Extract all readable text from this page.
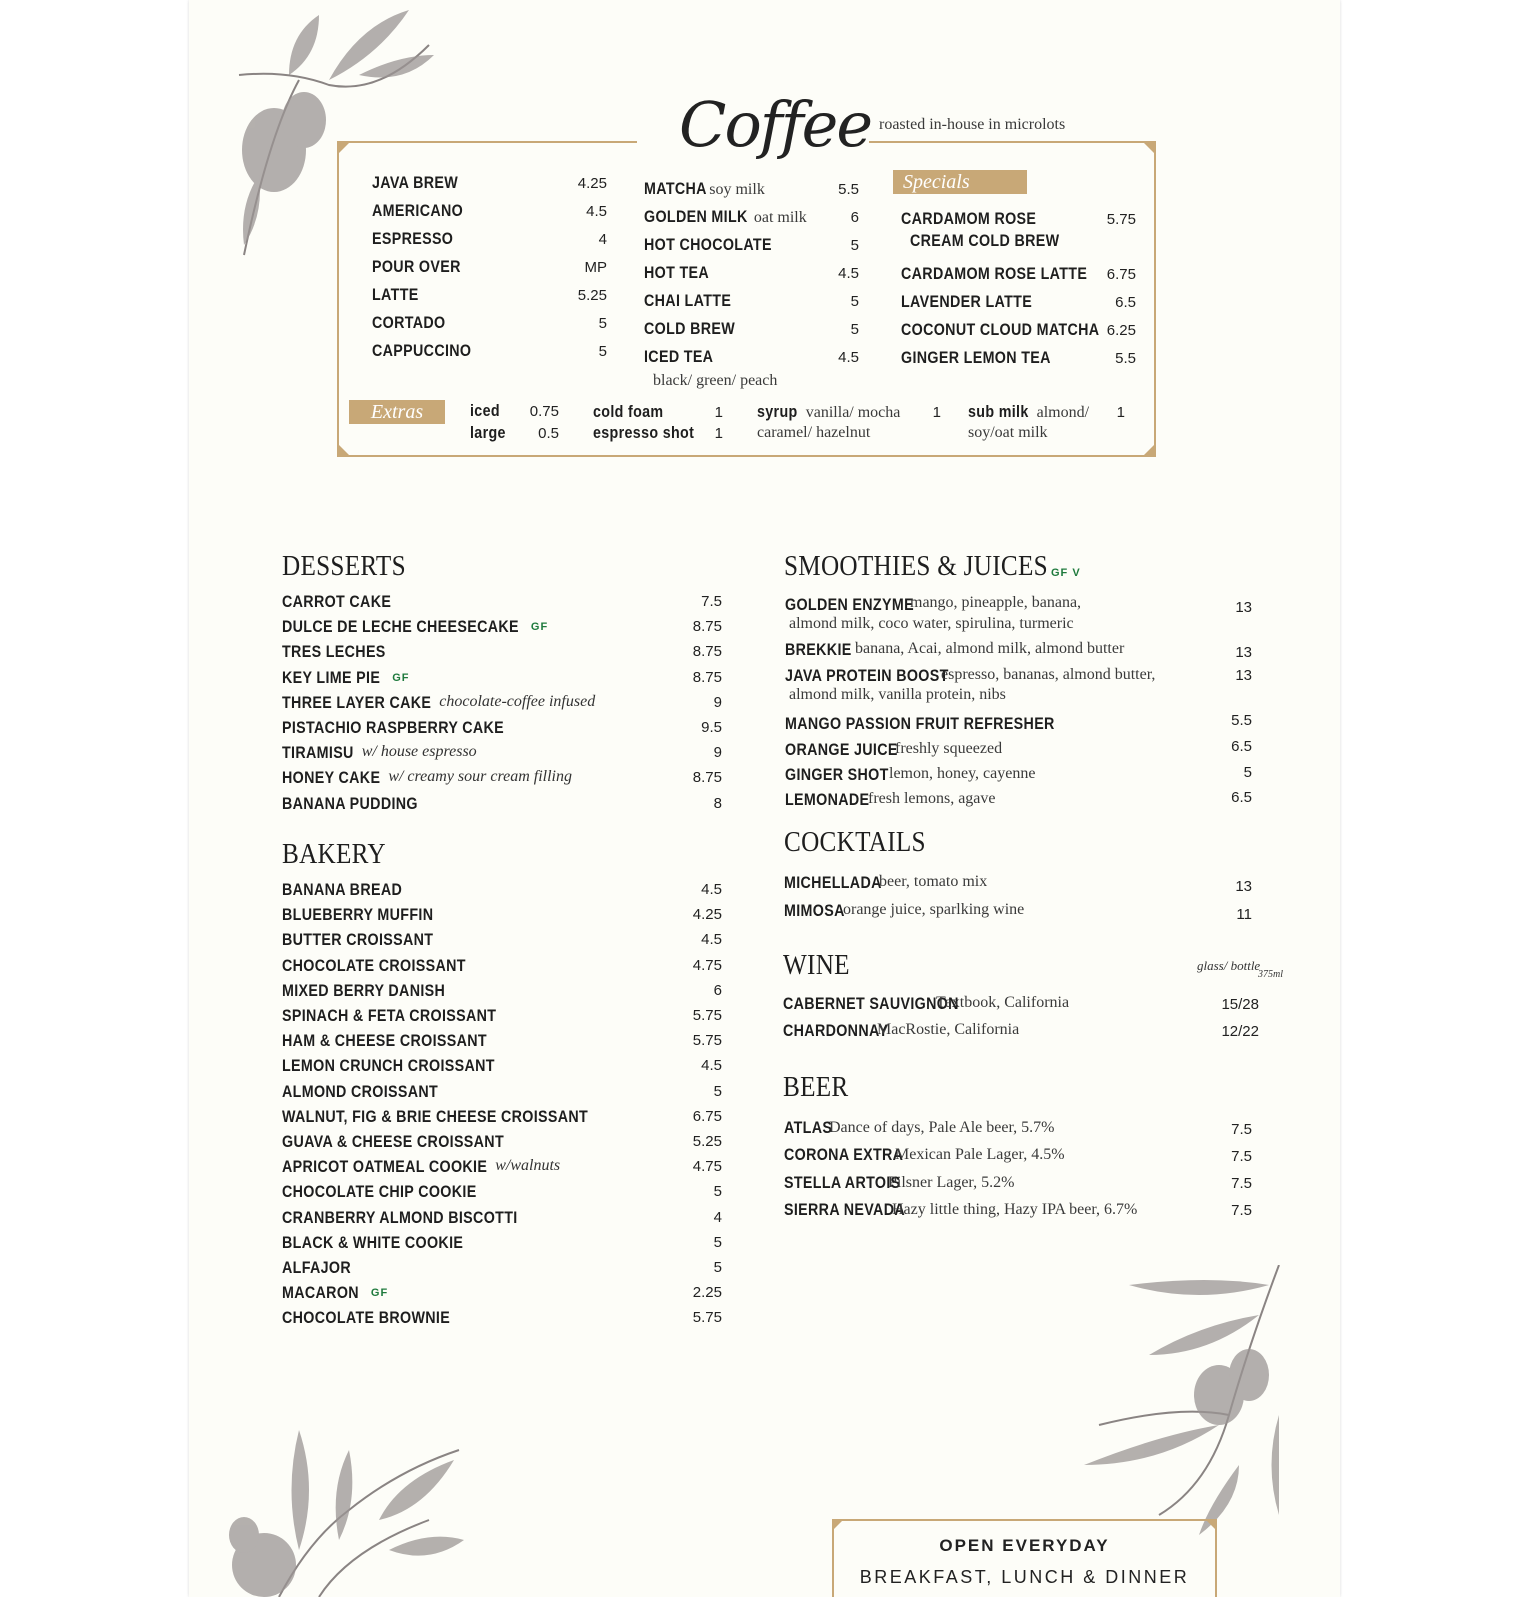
Coffee roasted in-house in microlots
JAVA BREW	4.25
AMERICANO	4.5
ESPRESSO	4
POUR OVER	MP
LATTE	5.25
CORTADO	5
CAPPUCCINO	5
MATCHA soy milk	5.5
GOLDEN MILK oat milk	6
HOT CHOCOLATE	5
HOT TEA	4.5
CHAI LATTE	5
COLD BREW	5
ICED TEA	4.5
black/ green/ peach
Specials
CARDAMOM ROSE
CREAM COLD BREW
5.75
CARDAMOM ROSE LATTE	6.75
LAVENDER LATTE	6.5
COCONUT CLOUD MATCHA 6.25
GINGER LEMON TEA	5.5
Extras	iced	0.75
large	0.5
cold foam	1
espresso shot	1
syrup vanilla/ mocha	1
caramel/ hazelnut
sub milk almond/	1
soy/oat milk
DESSERTS
CARROT CAKE	7.5
DULCE DE LECHE CHEESECAKE	8.75
GF
TRES LECHES	8.75
KEY LIME PIE	8.75
GF
THREE LAYER CAKE	9
chocolate-coffee infused
PISTACHIO RASPBERRY CAKE	9.5
TIRAMISU	9
w/ house espresso
HONEY CAKE	8.75
w/ creamy sour cream filling
BANANA PUDDING	8
BAKERY
BANANA BREAD	4.5
BLUEBERRY MUFFIN	4.25
BUTTER CROISSANT	4.5
CHOCOLATE CROISSANT	4.75
MIXED BERRY DANISH	6
SPINACH & FETA CROISSANT	5.75
HAM & CHEESE CROISSANT	5.75
LEMON CRUNCH CROISSANT	4.5
ALMOND CROISSANT	5
WALNUT, FIG & BRIE CHEESE CROISSANT	6.75
GUAVA & CHEESE CROISSANT	5.25
APRICOT OATMEAL COOKIE	4.75
w/walnuts
CHOCOLATE CHIP COOKIE	5
CRANBERRY ALMOND BISCOTTI	4
BLACK & WHITE COOKIE	5
ALFAJOR	5
MACARON	2.25
GF
CHOCOLATE BROWNIE	5.75
SMOOTHIES & JUICES GF V
GOLDEN ENZYME
mango, pineapple, banana,
almond milk, coco water, spirulina, turmeric
13
BREKKIE banana, Acai, almond milk, almond butter	13
JAVA PROTEIN BOOST
espresso, bananas, almond butter,
almond milk, vanilla protein, nibs
13
MANGO PASSION FRUIT REFRESHER	5.5
ORANGE JUICE
freshly squeezed	6.5
GINGER SHOT lemon, honey, cayenne	5
LEMONADE
fresh lemons, agave	6.5
COCKTAILS
MICHELLADA
beer, tomato mix	13
MIMOSA
orange juice, sparlking wine	11
WINE	glass/ bottle
375ml
CABERNET SAUVIGNON
Textbook, California	15/28
CHARDONNAY
MacRostie, California	12/22
BEER
ATLAS
Dance of days, Pale Ale beer, 5.7%	7.5
CORONA EXTRA
Mexican Pale Lager, 4.5%	7.5
STELLA ARTOIS
Pilsner Lager, 5.2%	7.5
SIERRA NEVADA
Hazy little thing, Hazy IPA beer, 6.7%	7.5
OPEN EVERYDAY
BREAKFAST, LUNCH & DINNER
